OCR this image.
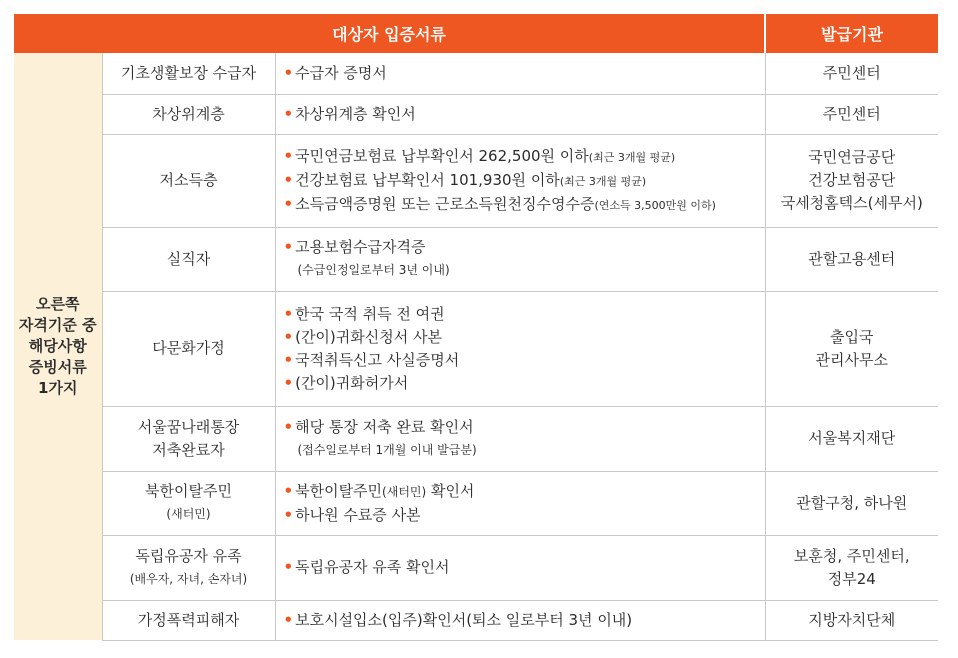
대상자 입증서류			발급기관

오른쪽
자격기준 중
해당사항
증빙서류
1가지	기초생활보장 수급자	• 수급자 증명서	주민센터
	차상위계층	• 차상위계층 확인서	주민센터
	저소득층	• 국민연금보험료 납부확인서 262,500원 이하(최근 3개월 평균)
• 건강보험료 납부확인서 101,930원 이하(최근 3개월 평균)
• 소득금액증명원 또는 근로소득원천징수영수증(연소득 3,500만원 이하)	국민연금공단
건강보험공단
국세청홈텍스(세무서)

	실직자	• 고용보험수급자격증
(수급인정일로부터 3년 이내)	관할고용센터
	다문화가정	• 한국 국적 취득 전 여권
• (간이)귀화신청서 사본
• 국적취득신고 사실증명서
• (간이)귀화허가서	출입국
관리사무소

	서울꿈나래통장
저축완료자	• 해당 통장 저축 완료 확인서
(접수일로부터 1개월 이내 발급분)	서울복지재단

	북한이탈주민
(새터민)	• 북한이탈주민(새터민) 확인서
• 하나원 수료증 사본	관할구청, 하나원

	독립유공자 유족
(배우자, 자녀, 손자녀)	• 독립유공자 유족 확인서	보훈청, 주민센터,
정부24

	가정폭력피해자	• 보호시설입소(입주)확인서(퇴소 일로부터 3년 이내)	지방자치단체
